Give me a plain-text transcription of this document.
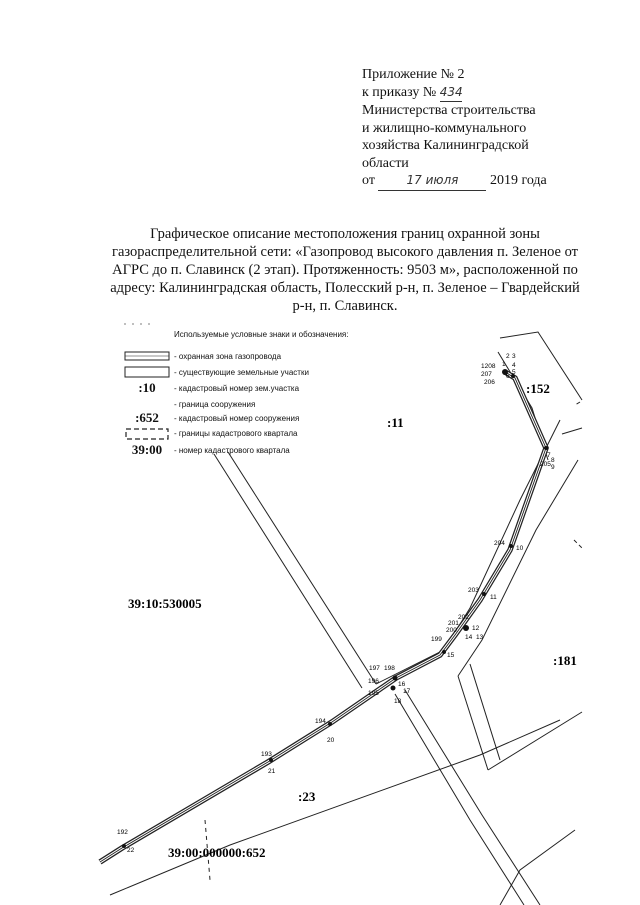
Приложение № 2
к приказу № 434
Министерства строительства
и жилищно-коммунального
хозяйства Калининградской
области
от	17 июля 2019 года
Графическое описание местоположения границ охранной зоны
газораспределительной сети: «Газопровод высокого давления п. Зеленое от
АГРС до п. Славинск (2 этап). Протяженность: 9503 м», расположенной по
адресу: Калининградская область, Полесский р-н, п. Зеленое – Гвардейский
р-н, п. Славинск.
:152
:11
39:10:530005
:181
:23
39:00:000000:652
1208
2 3
1 4
207	5
206
6
7
205
8
9
204
10
203
11
202
201
200 12
14 13
199
15
197 198
196	16
17
195
18
194
20
193
21
192
22
Используемые условные знаки и обозначения:
- охранная зона газопровода
- существующие земельные участки
:10	- кадастровый номер зем.участка
- граница сооружения
:652	- кадастровый номер сооружения
- границы кадастрового квартала
39:00	- номер кадастрового квартала
